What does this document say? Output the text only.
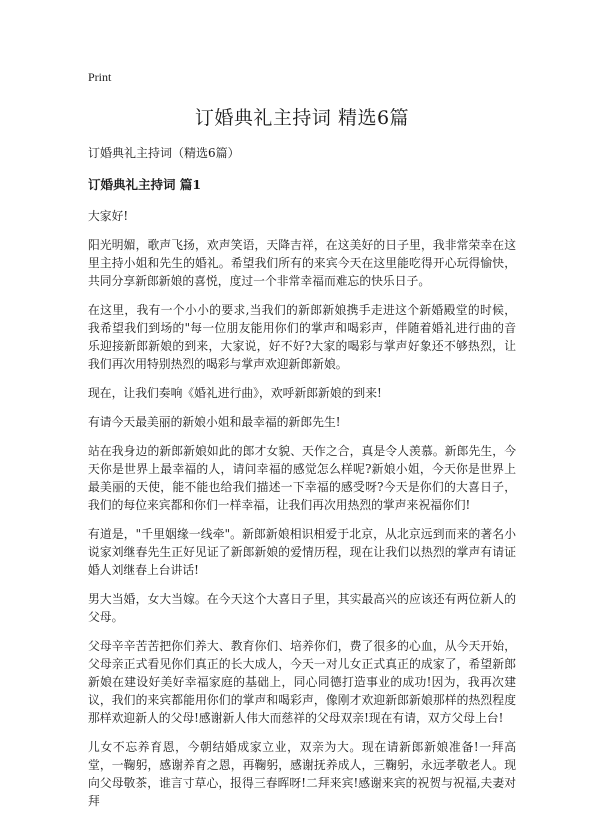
Print
订婚典礼主持词 精选6篇

订婚典礼主持词（精选6篇）

订婚典礼主持词 篇1

大家好!

阳光明媚，歌声飞扬，欢声笑语，天降吉祥，在这美好的日子里，我非常荣幸在这里主持小姐和先生的婚礼。希望我们所有的来宾今天在这里能吃得开心玩得愉快，共同分享新郎新娘的喜悦，度过一个非常幸福而难忘的快乐日子。

在这里，我有一个小小的要求,当我们的新郎新娘携手走进这个新婚殿堂的时候，我希望我们到场的"每一位朋友能用你们的掌声和喝彩声，伴随着婚礼进行曲的音乐迎接新郎新娘的到来，大家说，好不好?大家的喝彩与掌声好象还不够热烈，让我们再次用特别热烈的喝彩与掌声欢迎新郎新娘。

现在，让我们奏响《婚礼进行曲》，欢呼新郎新娘的到来!

有请今天最美丽的新娘小姐和最幸福的新郎先生!

站在我身边的新郎新娘如此的郎才女貌、天作之合，真是令人羡慕。新郎先生，今天你是世界上最幸福的人，请问幸福的感觉怎么样呢?新娘小姐，今天你是世界上最美丽的天使，能不能也给我们描述一下幸福的感受呀?今天是你们的大喜日子，我们的每位来宾都和你们一样幸福，让我们再次用热烈的掌声来祝福你们!

有道是，"千里姻缘一线牵"。新郎新娘相识相爱于北京，从北京远到而来的著名小说家刘继春先生正好见证了新郎新娘的爱情历程，现在让我们以热烈的掌声有请证婚人刘继春上台讲话!

男大当婚，女大当嫁。在今天这个大喜日子里，其实最高兴的应该还有两位新人的父母。

父母辛辛苦苦把你们养大、教育你们、培养你们，费了很多的心血，从今天开始，父母亲正式看见你们真正的长大成人，今天一对儿女正式真正的成家了，希望新郎新娘在建设好美好幸福家庭的基础上，同心同德打造事业的成功!因为，我再次建议，我们的来宾都能用你们的掌声和喝彩声，像刚才欢迎新郎新娘那样的热烈程度那样欢迎新人的父母!感谢新人伟大而慈祥的父母双亲!现在有请，双方父母上台!

儿女不忘养育恩，今朝结婚成家立业，双亲为大。现在请新郎新娘准备!一拜高堂，一鞠躬，感谢养育之恩，再鞠躬，感谢抚养成人，三鞠躬，永远孝敬老人。现向父母敬茶，谁言寸草心，报得三春晖呀!二拜来宾!感谢来宾的祝贺与祝福,夫妻对拜
